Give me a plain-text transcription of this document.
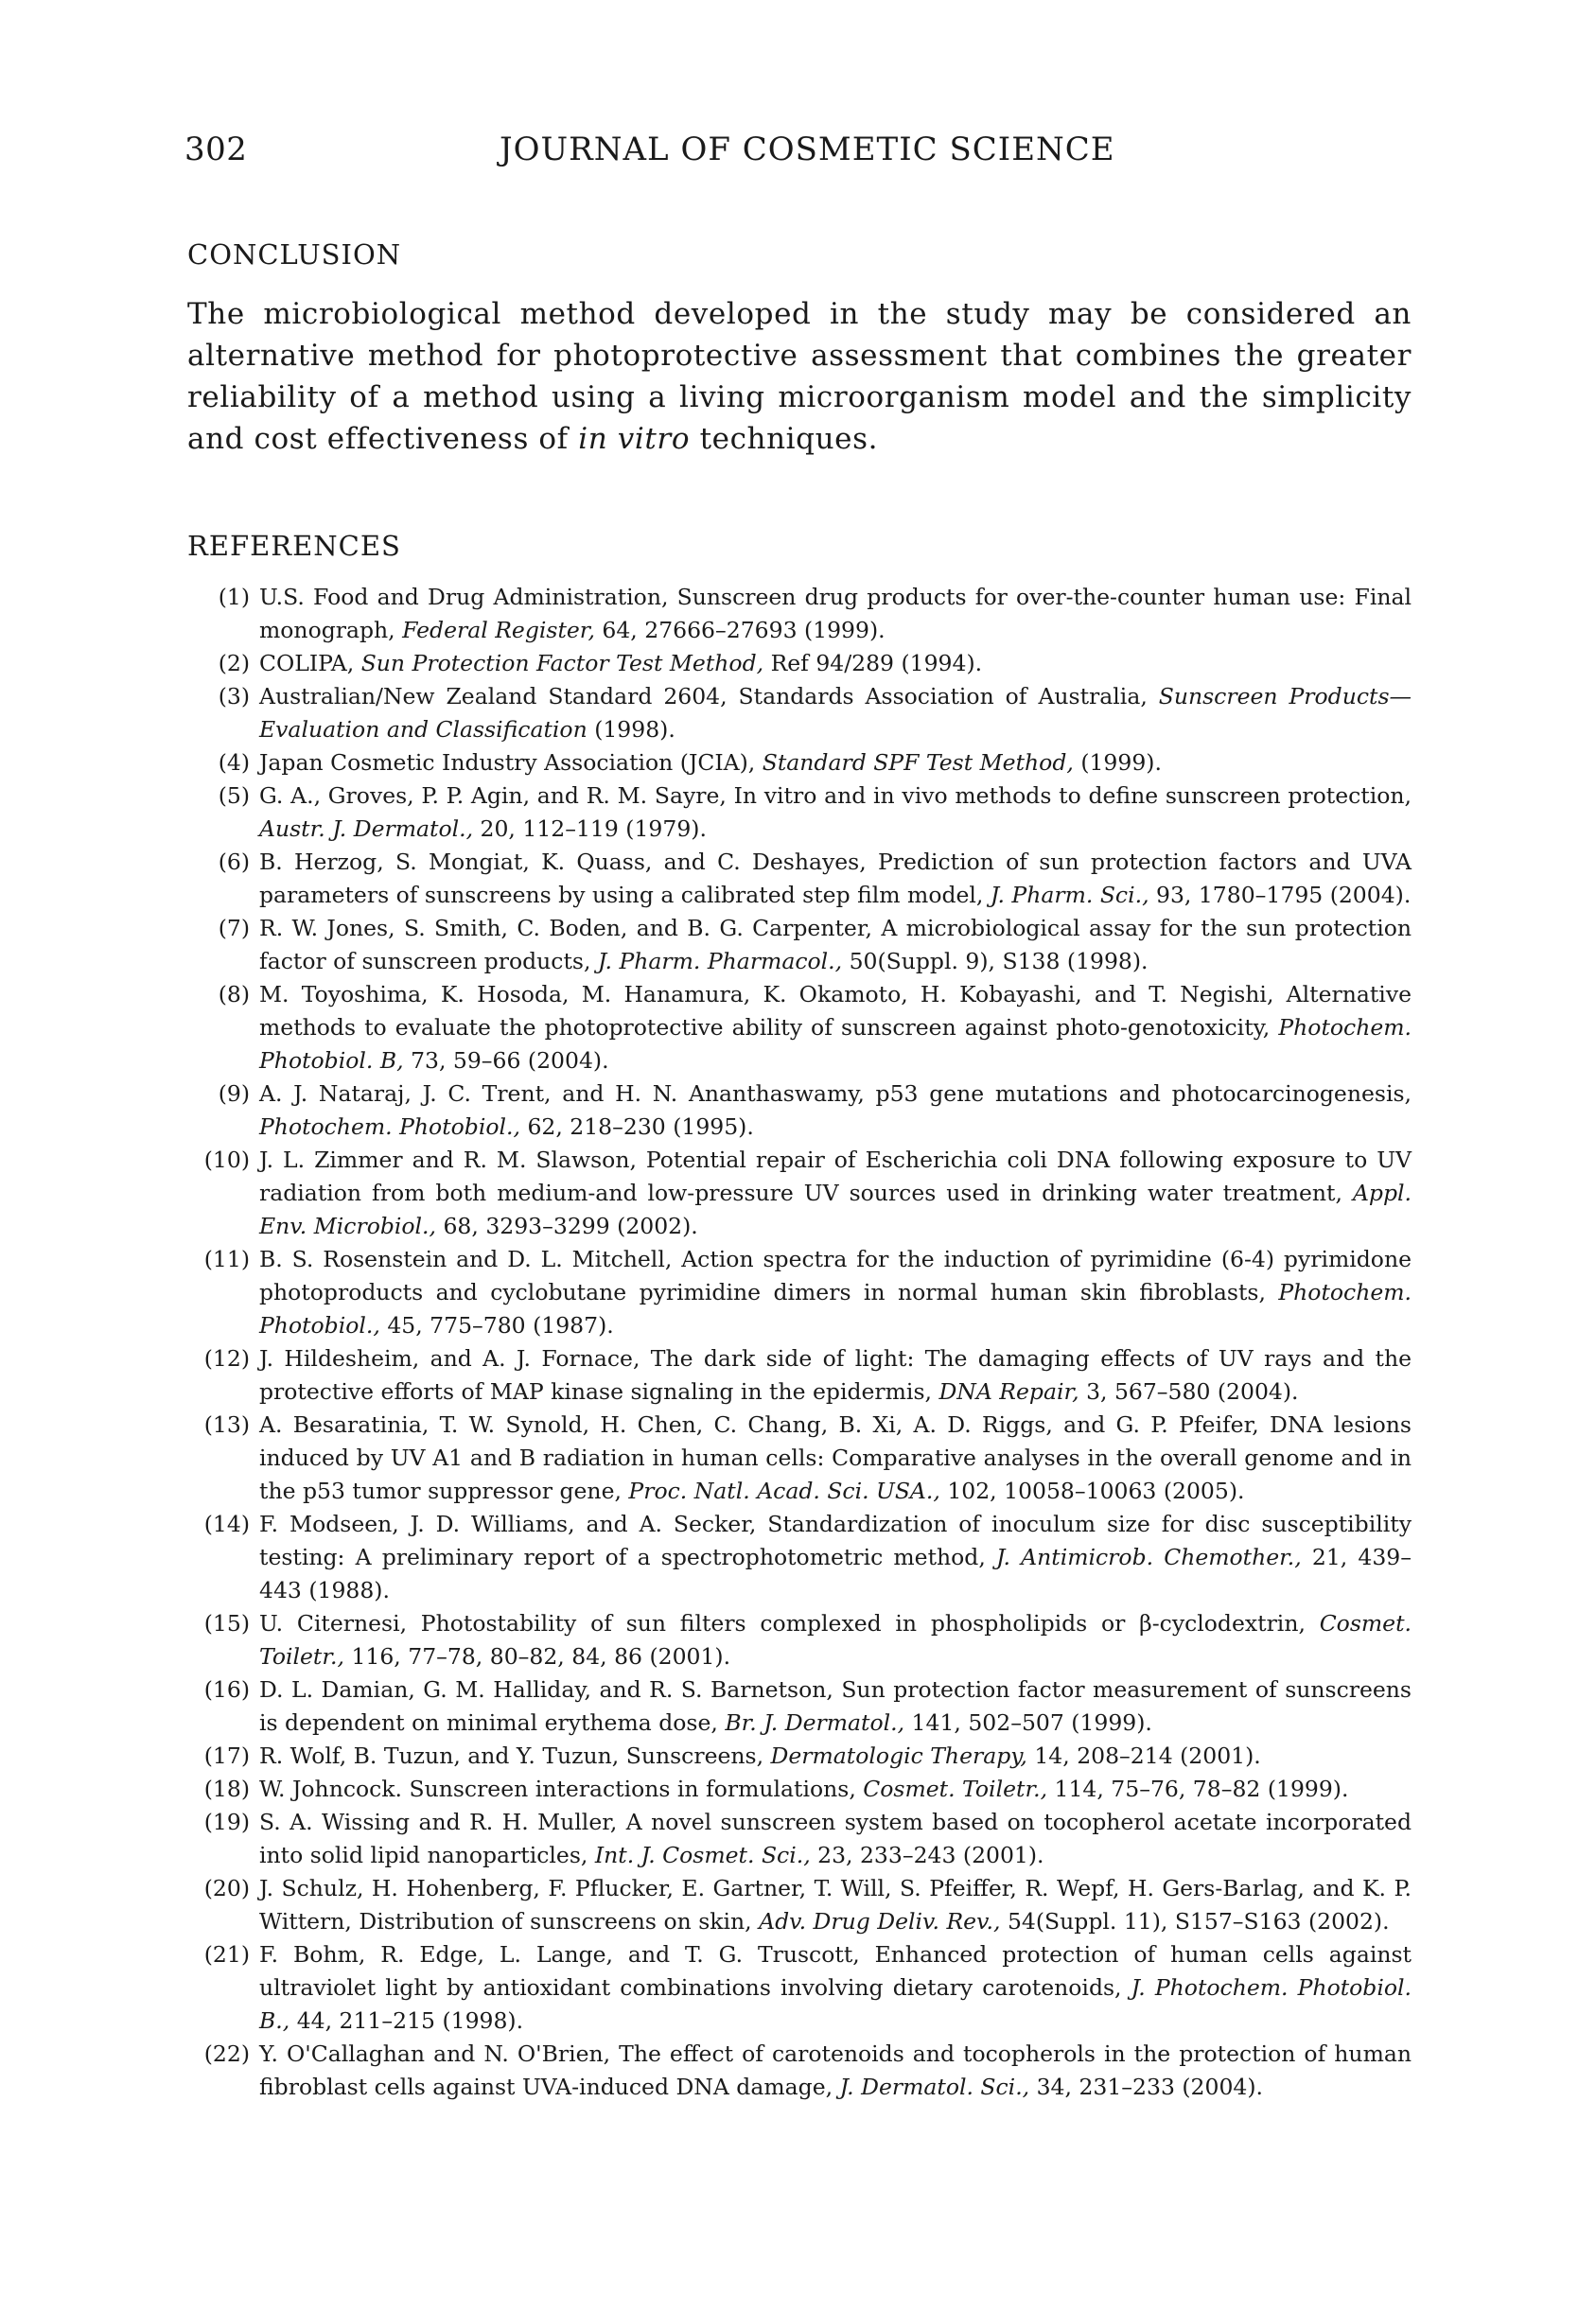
302	JOURNAL OF COSMETIC SCIENCE
CONCLUSION

The microbiological method developed in the study may be considered an alternative method for photoprotective assessment that combines the greater reliability of a method using a living microorganism model and the simplicity and cost effectiveness of in vitro techniques.

REFERENCES
(1) U.S. Food and Drug Administration, Sunscreen drug products for over-the-counter human use: Final monograph, Federal Register, 64, 27666–27693 (1999).
(2) COLIPA, Sun Protection Factor Test Method, Ref 94/289 (1994).
(3) Australian/New Zealand Standard 2604, Standards Association of Australia, Sunscreen Products—Evaluation and Classification (1998).
(4) Japan Cosmetic Industry Association (JCIA), Standard SPF Test Method, (1999).
(5) G. A., Groves, P. P. Agin, and R. M. Sayre, In vitro and in vivo methods to define sunscreen protection, Austr. J. Dermatol., 20, 112–119 (1979).
(6) B. Herzog, S. Mongiat, K. Quass, and C. Deshayes, Prediction of sun protection factors and UVA parameters of sunscreens by using a calibrated step film model, J. Pharm. Sci., 93, 1780–1795 (2004).
(7) R. W. Jones, S. Smith, C. Boden, and B. G. Carpenter, A microbiological assay for the sun protection factor of sunscreen products, J. Pharm. Pharmacol., 50(Suppl. 9), S138 (1998).
(8) M. Toyoshima, K. Hosoda, M. Hanamura, K. Okamoto, H. Kobayashi, and T. Negishi, Alternative methods to evaluate the photoprotective ability of sunscreen against photo-genotoxicity, Photochem. Photobiol. B, 73, 59–66 (2004).
(9) A. J. Nataraj, J. C. Trent, and H. N. Ananthaswamy, p53 gene mutations and photocarcinogenesis, Photochem. Photobiol., 62, 218–230 (1995).
(10) J. L. Zimmer and R. M. Slawson, Potential repair of Escherichia coli DNA following exposure to UV radiation from both medium-and low-pressure UV sources used in drinking water treatment, Appl. Env. Microbiol., 68, 3293–3299 (2002).
(11) B. S. Rosenstein and D. L. Mitchell, Action spectra for the induction of pyrimidine (6-4) pyrimidone photoproducts and cyclobutane pyrimidine dimers in normal human skin fibroblasts, Photochem. Photobiol., 45, 775–780 (1987).
(12) J. Hildesheim, and A. J. Fornace, The dark side of light: The damaging effects of UV rays and the protective efforts of MAP kinase signaling in the epidermis, DNA Repair, 3, 567–580 (2004).
(13) A. Besaratinia, T. W. Synold, H. Chen, C. Chang, B. Xi, A. D. Riggs, and G. P. Pfeifer, DNA lesions induced by UV A1 and B radiation in human cells: Comparative analyses in the overall genome and in the p53 tumor suppressor gene, Proc. Natl. Acad. Sci. USA., 102, 10058–10063 (2005).
(14) F. Modseen, J. D. Williams, and A. Secker, Standardization of inoculum size for disc susceptibility testing: A preliminary report of a spectrophotometric method, J. Antimicrob. Chemother., 21, 439–443 (1988).
(15) U. Citernesi, Photostability of sun filters complexed in phospholipids or β-cyclodextrin, Cosmet. Toiletr., 116, 77–78, 80–82, 84, 86 (2001).
(16) D. L. Damian, G. M. Halliday, and R. S. Barnetson, Sun protection factor measurement of sunscreens is dependent on minimal erythema dose, Br. J. Dermatol., 141, 502–507 (1999).
(17) R. Wolf, B. Tuzun, and Y. Tuzun, Sunscreens, Dermatologic Therapy, 14, 208–214 (2001).
(18) W. Johncock. Sunscreen interactions in formulations, Cosmet. Toiletr., 114, 75–76, 78–82 (1999).
(19) S. A. Wissing and R. H. Muller, A novel sunscreen system based on tocopherol acetate incorporated into solid lipid nanoparticles, Int. J. Cosmet. Sci., 23, 233–243 (2001).
(20) J. Schulz, H. Hohenberg, F. Pflucker, E. Gartner, T. Will, S. Pfeiffer, R. Wepf, H. Gers-Barlag, and K. P. Wittern, Distribution of sunscreens on skin, Adv. Drug Deliv. Rev., 54(Suppl. 11), S157–S163 (2002).
(21) F. Bohm, R. Edge, L. Lange, and T. G. Truscott, Enhanced protection of human cells against ultraviolet light by antioxidant combinations involving dietary carotenoids, J. Photochem. Photobiol. B., 44, 211–215 (1998).
(22) Y. O'Callaghan and N. O'Brien, The effect of carotenoids and tocopherols in the protection of human fibroblast cells against UVA-induced DNA damage, J. Dermatol. Sci., 34, 231–233 (2004).
